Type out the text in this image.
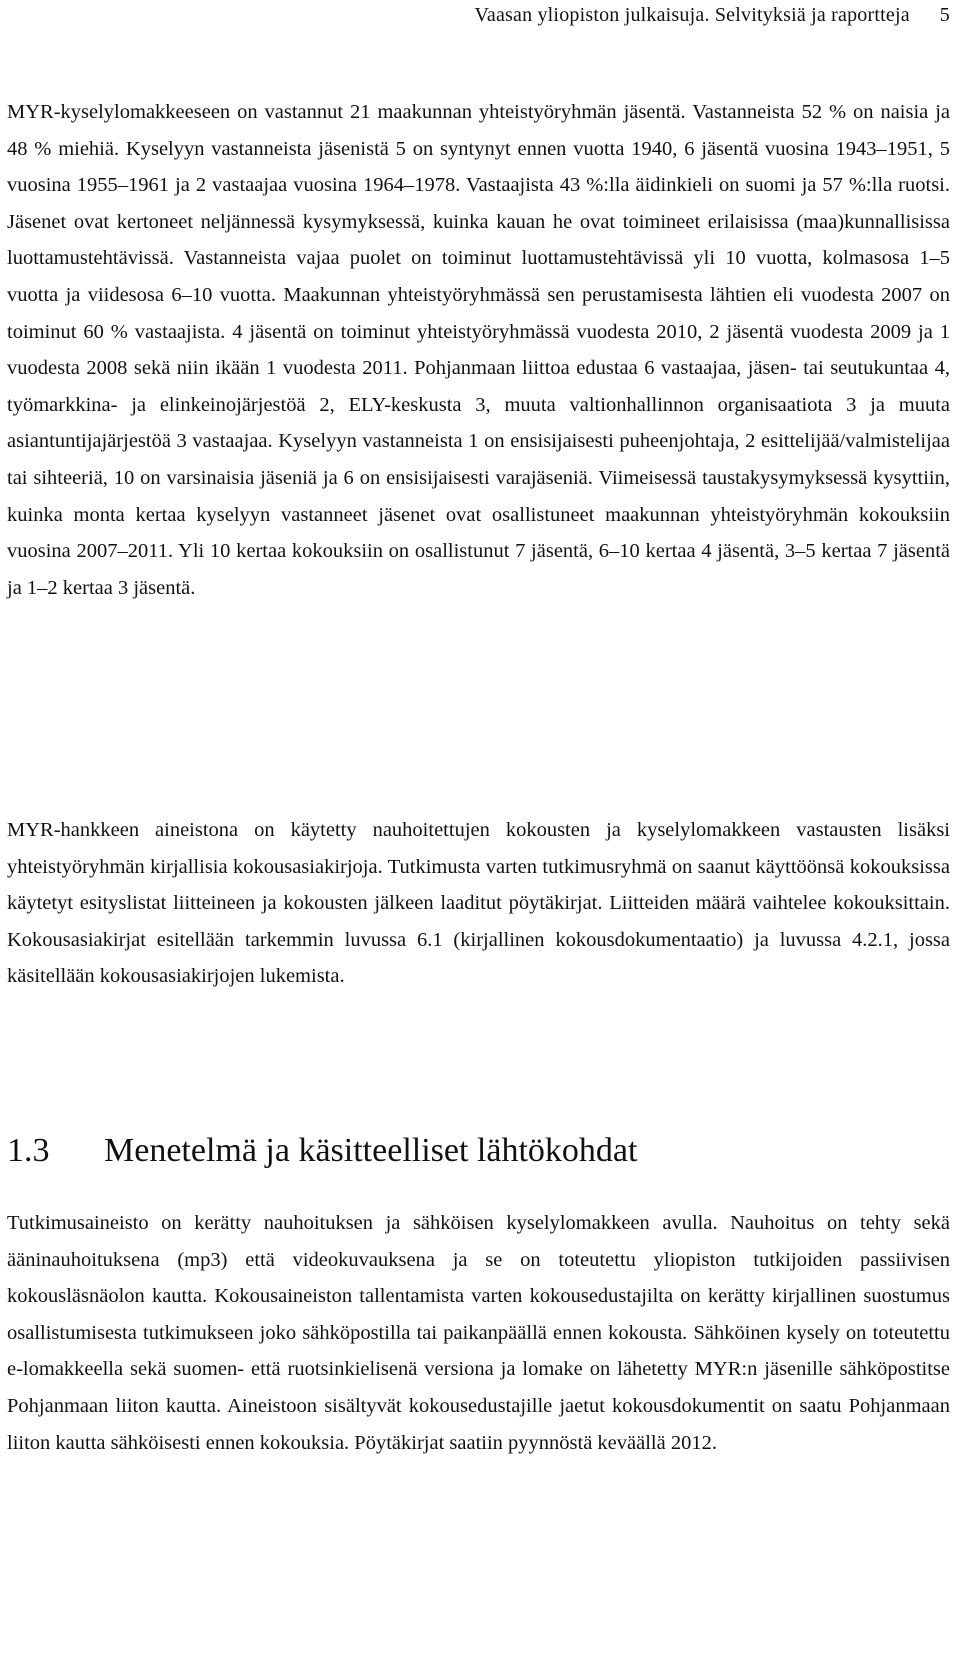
Vaasan yliopiston julkaisuja. Selvityksiä ja raportteja 5

MYR-kyselylomakkeeseen on vastannut 21 maakunnan yhteistyöryhmän jäsentä. Vastanneista 52 % on naisia ja 48 % miehiä. Kyselyyn vastanneista jäsenistä 5 on syntynyt ennen vuotta 1940, 6 jäsentä vuosina 1943–1951, 5 vuosina 1955–1961 ja 2 vastaajaa vuosina 1964–1978. Vastaajista 43 %:lla äidinkieli on suomi ja 57 %:lla ruotsi. Jäsenet ovat kertoneet neljännessä kysymyksessä, kuinka kauan he ovat toimineet erilaisissa (maa)kunnallisissa luottamustehtävissä. Vastanneista vajaa puolet on toiminut luottamustehtävissä yli 10 vuotta, kolmasosa 1–5 vuotta ja viidesosa 6–10 vuotta. Maakunnan yhteistyöryhmässä sen perustamisesta lähtien eli vuodesta 2007 on toiminut 60 % vastaajista. 4 jäsentä on toiminut yhteistyöryhmässä vuodesta 2010, 2 jäsentä vuodesta 2009 ja 1 vuodesta 2008 sekä niin ikään 1 vuodesta 2011. Pohjanmaan liittoa edustaa 6 vastaajaa, jäsen- tai seutukuntaa 4, työmarkkina- ja elinkeinojärjestöä 2, ELY-keskusta 3, muuta valtionhallinnon organisaatiota 3 ja muuta asiantuntijajärjestöä 3 vastaajaa. Kyselyyn vastanneista 1 on ensisijaisesti puheenjohtaja, 2 esittelijää/valmistelijaa tai sihteeriä, 10 on varsinaisia jäseniä ja 6 on ensisijaisesti varajäseniä. Viimeisessä taustakysymyksessä kysyttiin, kuinka monta kertaa kyselyyn vastanneet jäsenet ovat osallistuneet maakunnan yhteistyöryhmän kokouksiin vuosina 2007–2011. Yli 10 kertaa kokouksiin on osallistunut 7 jäsentä, 6–10 kertaa 4 jäsentä, 3–5 kertaa 7 jäsentä ja 1–2 kertaa 3 jäsentä.

MYR-hankkeen aineistona on käytetty nauhoitettujen kokousten ja kyselylomakkeen vastausten lisäksi yhteistyöryhmän kirjallisia kokousasiakirjoja. Tutkimusta varten tutkimusryhmä on saanut käyttöönsä kokouksissa käytetyt esityslistat liitteineen ja kokousten jälkeen laaditut pöytäkirjat. Liitteiden määrä vaihtelee kokouksittain. Kokousasiakirjat esitellään tarkemmin luvussa 6.1 (kirjallinen kokousdokumentaatio) ja luvussa 4.2.1, jossa käsitellään kokousasiakirjojen lukemista.

1.3 Menetelmä ja käsitteelliset lähtökohdat

Tutkimusaineisto on kerätty nauhoituksen ja sähköisen kyselylomakkeen avulla. Nauhoitus on tehty sekä ääninauhoituksena (mp3) että videokuvauksena ja se on toteutettu yliopiston tutkijoiden passiivisen kokousläsnäolon kautta. Kokousaineiston tallentamista varten kokousedustajilta on kerätty kirjallinen suostumus osallistumisesta tutkimukseen joko sähköpostilla tai paikanpäällä ennen kokousta. Sähköinen kysely on toteutettu e-lomakkeella sekä suomen- että ruotsinkielisenä versiona ja lomake on lähetetty MYR:n jäsenille sähköpostitse Pohjanmaan liiton kautta. Aineistoon sisältyvät kokousedustajille jaetut kokousdokumentit on saatu Pohjanmaan liiton kautta sähköisesti ennen kokouksia. Pöytäkirjat saatiin pyynnöstä keväällä 2012.
